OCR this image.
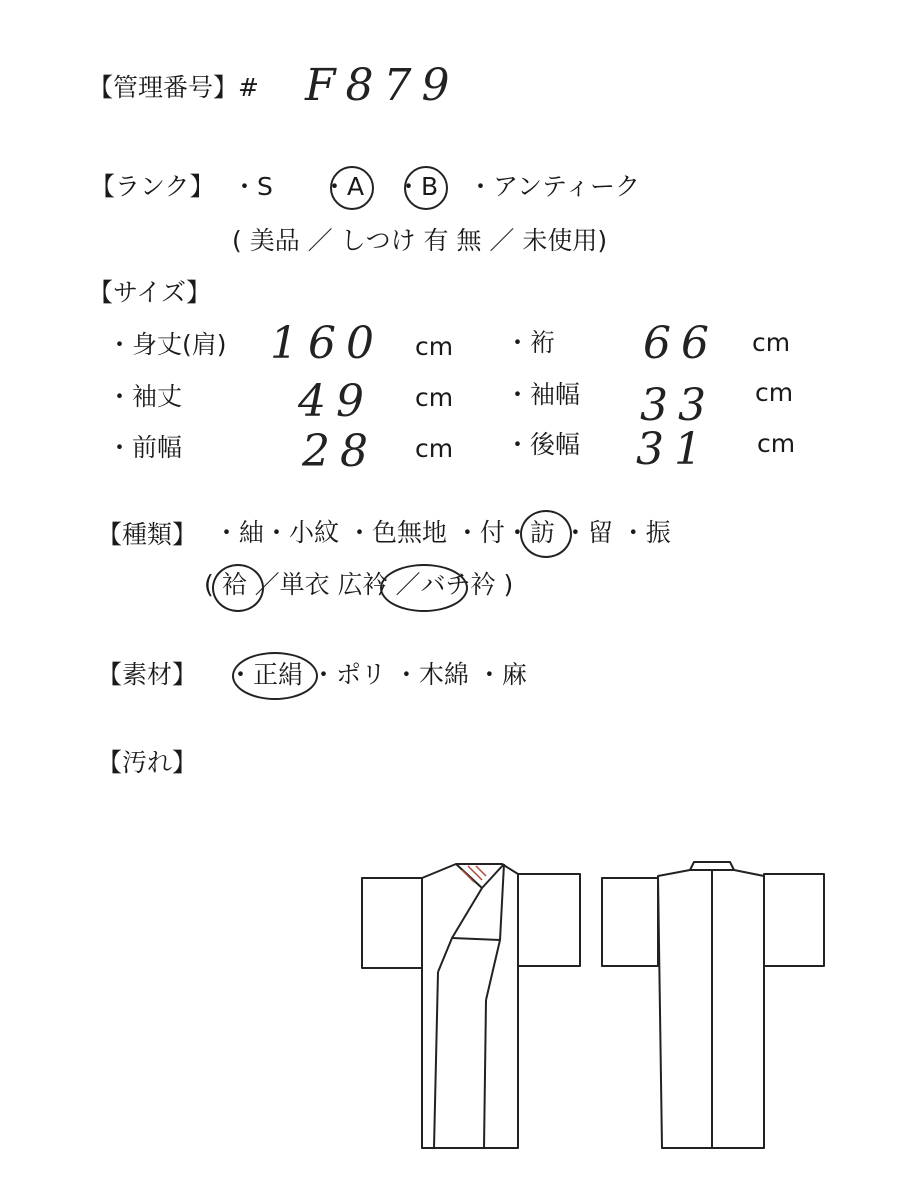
【管理番号】# F879
【ランク】 ・S ・A ・B ・アンティーク
( 美品 ／ しつけ 有 無 ／ 未使用)
【サイズ】
・身丈(肩) 160 cm ・裄 66 cm
・袖丈	49 cm ・袖幅 33 cm
・前幅	28 cm ・後幅 31 cm
【種類】 ・紬・小紋 ・色無地 ・付・訪 ・留 ・振
( 袷 ／単衣 広衿 ／バチ衿 )
【素材】 ・正絹 ・ポリ ・木綿 ・麻
【汚れ】
